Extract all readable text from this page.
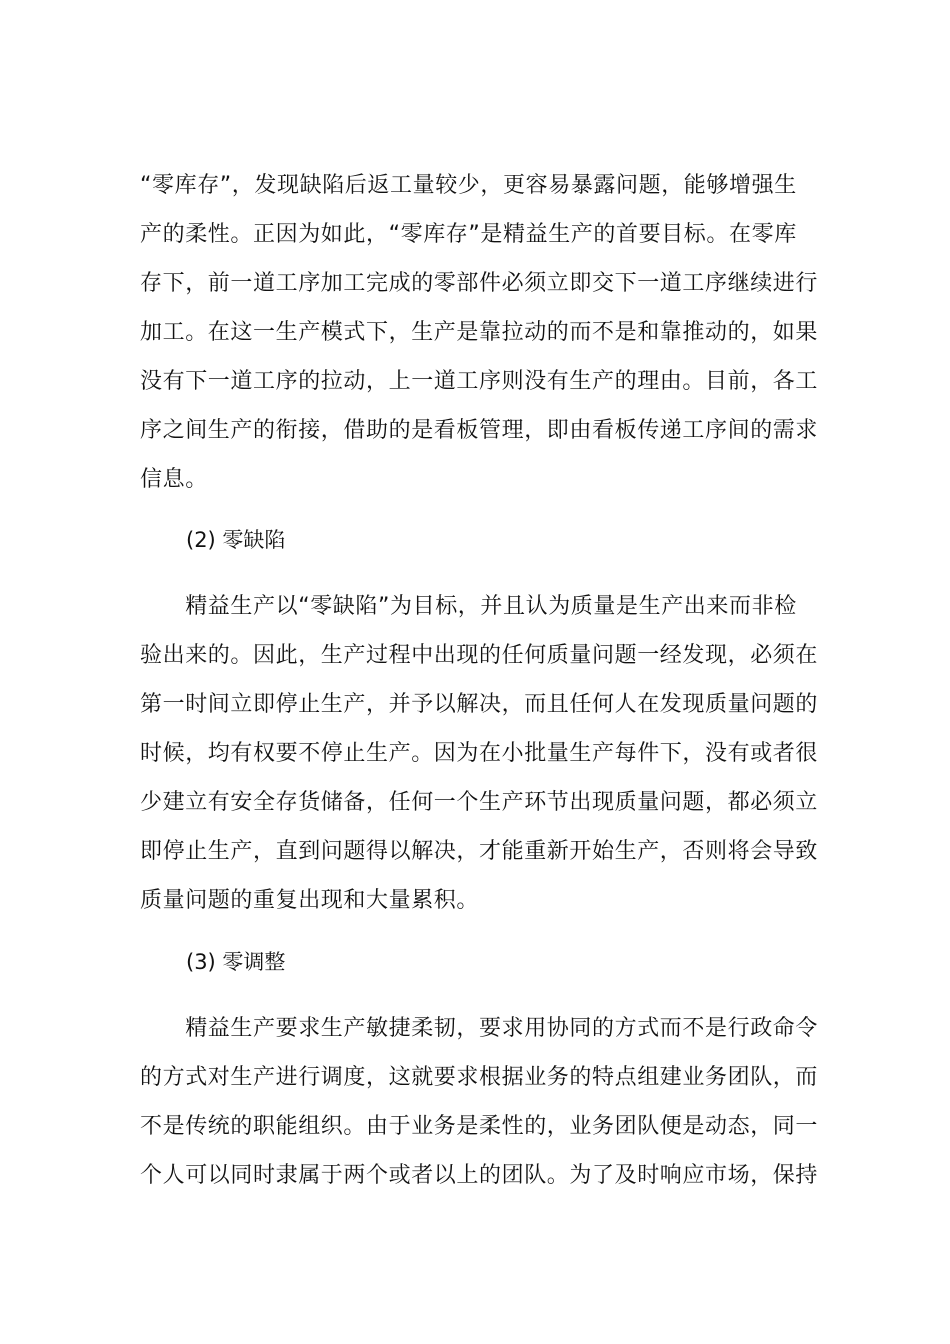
“零库存”，发现缺陷后返工量较少，更容易暴露问题，能够增强生

产的柔性。正因为如此，“零库存”是精益生产的首要目标。在零库

存下，前一道工序加工完成的零部件必须立即交下一道工序继续进行

加工。在这一生产模式下，生产是靠拉动的而不是和靠推动的，如果

没有下一道工序的拉动，上一道工序则没有生产的理由。目前，各工

序之间生产的衔接，借助的是看板管理，即由看板传递工序间的需求

信息。

(2) 零缺陷

　　精益生产以“零缺陷”为目标，并且认为质量是生产出来而非检

验出来的。因此，生产过程中出现的任何质量问题一经发现，必须在

第一时间立即停止生产，并予以解决，而且任何人在发现质量问题的

时候，均有权要不停止生产。因为在小批量生产每件下，没有或者很

少建立有安全存货储备，任何一个生产环节出现质量问题，都必须立

即停止生产，直到问题得以解决，才能重新开始生产，否则将会导致

质量问题的重复出现和大量累积。

(3) 零调整

　　精益生产要求生产敏捷柔韧，要求用协同的方式而不是行政命令

的方式对生产进行调度，这就要求根据业务的特点组建业务团队，而

不是传统的职能组织。由于业务是柔性的，业务团队便是动态，同一

个人可以同时隶属于两个或者以上的团队。为了及时响应市场，保持
